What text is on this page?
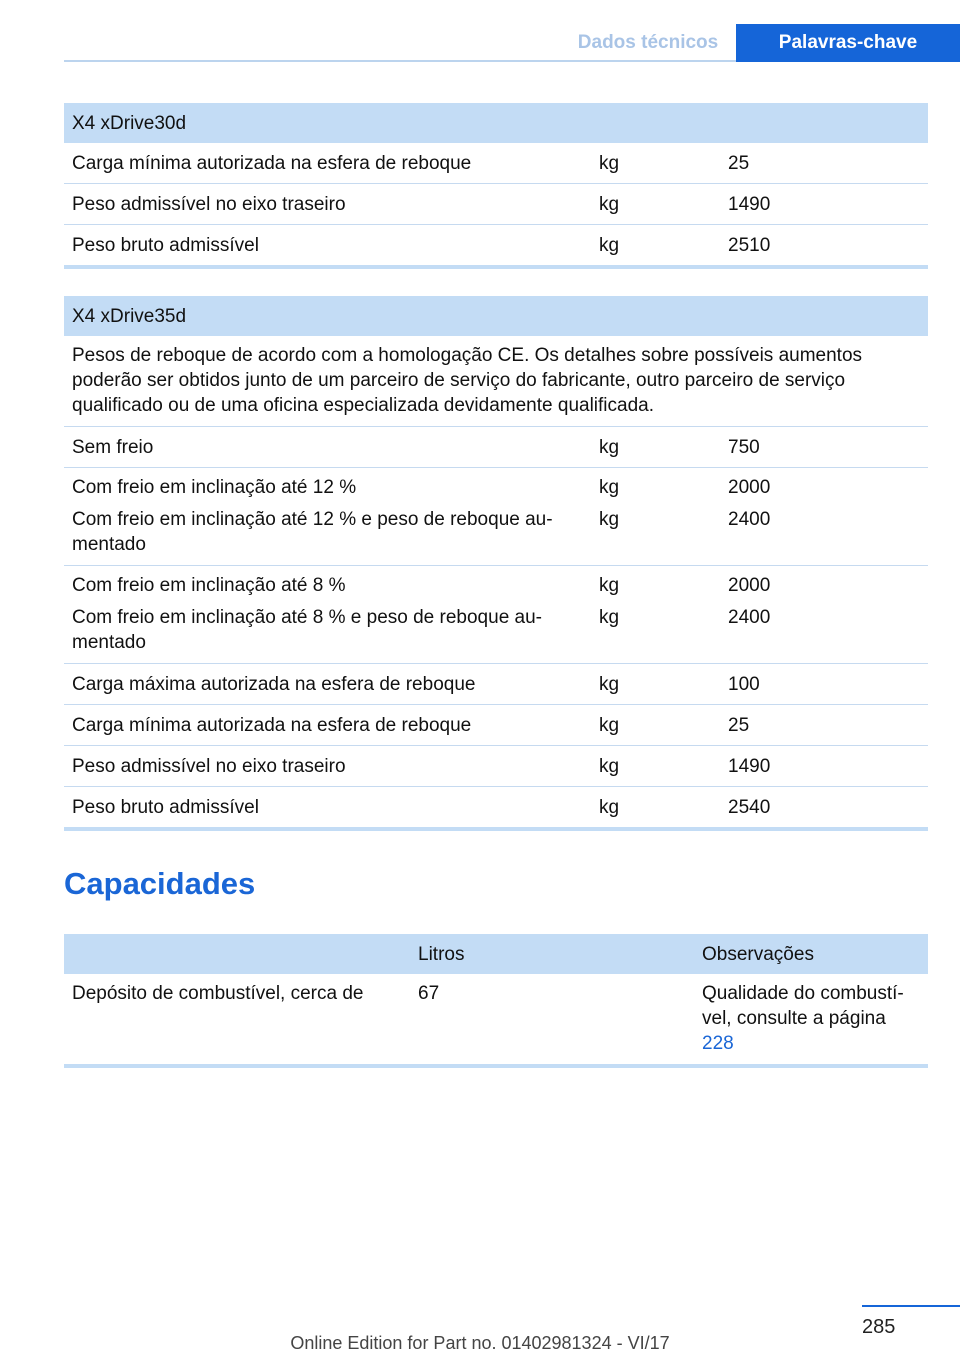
Dados técnicos	Palavras-chave
X4 xDrive30d		
Carga mínima autorizada na esfera de reboque	kg	25
Peso admissível no eixo traseiro	kg	1490
Peso bruto admissível	kg	2510

X4 xDrive35d		
Pesos de reboque de acordo com a homologação CE. Os detalhes sobre possíveis aumentos poderão ser obtidos junto de um parceiro de serviço do fabricante, outro parceiro de serviço qualificado ou de uma oficina especializada devidamente qualificada.		
Sem freio	kg	750
Com freio em inclinação até 12 %	kg	2000
Com freio em inclinação até 12 % e peso de reboque au‐ mentado	kg	2400
Com freio em inclinação até 8 %	kg	2000
Com freio em inclinação até 8 % e peso de reboque au‐ mentado	kg	2400
Carga máxima autorizada na esfera de reboque	kg	100
Carga mínima autorizada na esfera de reboque	kg	25
Peso admissível no eixo traseiro	kg	1490
Peso bruto admissível	kg	2540

Capacidades
	Litros	Observações
Depósito de combustível, cerca de	67	Qualidade do combustí‐ vel, consulte a página
228

285
Online Edition for Part no. 01402981324 - VI/17
